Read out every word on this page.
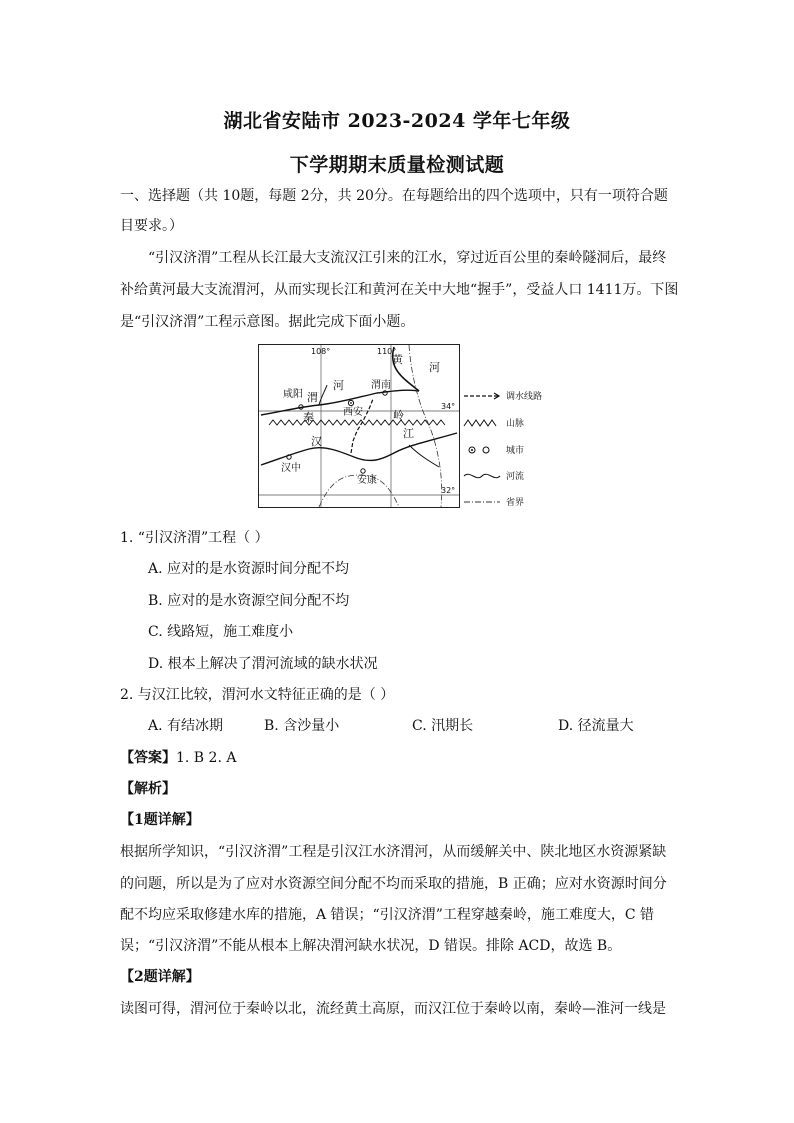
湖北省安陆市 2023-2024 学年七年级
下学期期末质量检测试题
一、选择题（共 10题，每题 2分，共 20分。在每题给出的四个选项中，只有一项符合题
目要求。）
“引汉济渭”工程从长江最大支流汉江引来的江水，穿过近百公里的秦岭隧洞后，最终
补给黄河最大支流渭河，从而实现长江和黄河在关中大地“握手”，受益人口 1411万。下图
是“引汉济渭”工程示意图。据此完成下面小题。
108°	110°
34°
32°
咸阳
西安
渭南
汉中
安康
渭
河
黄
河
秦	岭
汉
江
调水线路
山脉
城市
河流
省界
1. “引汉济渭”工程（ ）
A. 应对的是水资源时间分配不均
B. 应对的是水资源空间分配不均
C. 线路短，施工难度小
D. 根本上解决了渭河流域的缺水状况
2. 与汉江比较，渭河水文特征正确的是（ ）
A. 有结冰期	B. 含沙量小	C. 汛期长	D. 径流量大
【答案】1. B 2. A
【解析】
【1题详解】
根据所学知识，“引汉济渭”工程是引汉江水济渭河，从而缓解关中、陕北地区水资源紧缺
的问题，所以是为了应对水资源空间分配不均而采取的措施，B 正确；应对水资源时间分
配不均应采取修建水库的措施，A 错误；“引汉济渭”工程穿越秦岭，施工难度大，C 错
误；“引汉济渭”不能从根本上解决渭河缺水状况，D 错误。排除 ACD，故选 B。
【2题详解】
读图可得，渭河位于秦岭以北，流经黄土高原，而汉江位于秦岭以南，秦岭—淮河一线是
